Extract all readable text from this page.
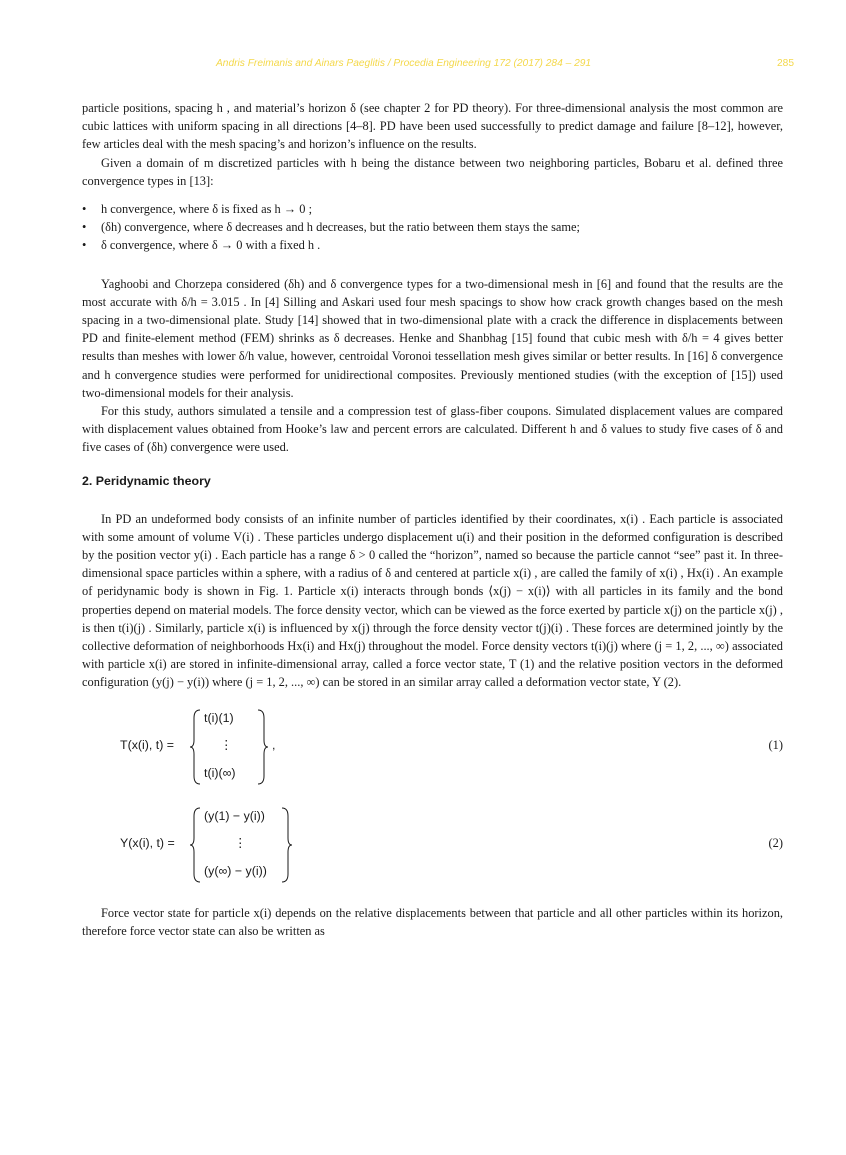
Andris Freimanis and Ainars Paeglitis / Procedia Engineering 172 (2017) 284 – 291	285

particle positions, spacing h , and material’s horizon δ (see chapter 2 for PD theory). For three-dimensional analysis the most common are cubic lattices with uniform spacing in all directions [4–8]. PD have been used successfully to predict damage and failure [8–12], however, few articles deal with the mesh spacing’s and horizon’s influence on the results.

Given a domain of m discretized particles with h being the distance between two neighboring particles, Bobaru et al. defined three convergence types in [13]:

• h convergence, where δ is fixed as h → 0 ;
• (δh) convergence, where δ decreases and h decreases, but the ratio between them stays the same;
• δ convergence, where δ → 0 with a fixed h .

Yaghoobi and Chorzepa considered (δh) and δ convergence types for a two-dimensional mesh in [6] and found that the results are the most accurate with δ/h = 3.015 . In [4] Silling and Askari used four mesh spacings to show how crack growth changes based on the mesh spacing in a two-dimensional plate. Study [14] showed that in two-dimensional plate with a crack the difference in displacements between PD and finite-element method (FEM) shrinks as δ decreases. Henke and Shanbhag [15] found that cubic mesh with δ/h = 4 gives better results than meshes with lower δ/h value, however, centroidal Voronoi tessellation mesh gives similar or better results. In [16] δ convergence and h convergence studies were performed for unidirectional composites. Previously mentioned studies (with the exception of [15]) used two-dimensional models for their analysis.

For this study, authors simulated a tensile and a compression test of glass-fiber coupons. Simulated displacement values are compared with displacement values obtained from Hooke’s law and percent errors are calculated. Different h and δ values to study five cases of δ and five cases of (δh) convergence were used.

2. Peridynamic theory

In PD an undeformed body consists of an infinite number of particles identified by their coordinates, x(i) . Each particle is associated with some amount of volume V(i) . These particles undergo displacement u(i) and their position in the deformed configuration is described by the position vector y(i) . Each particle has a range δ > 0 called the “horizon”, named so because the particle cannot “see” past it. In three-dimensional space particles within a sphere, with a radius of δ and centered at particle x(i) , are called the family of x(i) , Hx(i) . An example of peridynamic body is shown in Fig. 1. Particle x(i) interacts through bonds ⟨x(j) − x(i)⟩ with all particles in its family and the bond properties depend on material models. The force density vector, which can be viewed as the force exerted by particle x(j) on the particle x(j) , is then t(i)(j) . Similarly, particle x(i) is influenced by x(j) through the force density vector t(j)(i) . These forces are determined jointly by the collective deformation of neighborhoods Hx(i) and Hx(j) throughout the model. Force density vectors t(i)(j) where (j = 1, 2, ..., ∞) associated with particle x(i) are stored in infinite-dimensional array, called a force vector state, T (1) and the relative position vectors in the deformed configuration (y(j) − y(i)) where (j = 1, 2, ..., ∞) can be stored in an similar array called a deformation vector state, Y (2).

T(x(i), t) =
t(i)(1)
⋮
t(i)(∞)
,	(1)
Y(x(i), t) =
(y(1) − y(i))
⋮
(y(∞) − y(i))
(2)

Force vector state for particle x(i) depends on the relative displacements between that particle and all other particles within its horizon, therefore force vector state can also be written as
